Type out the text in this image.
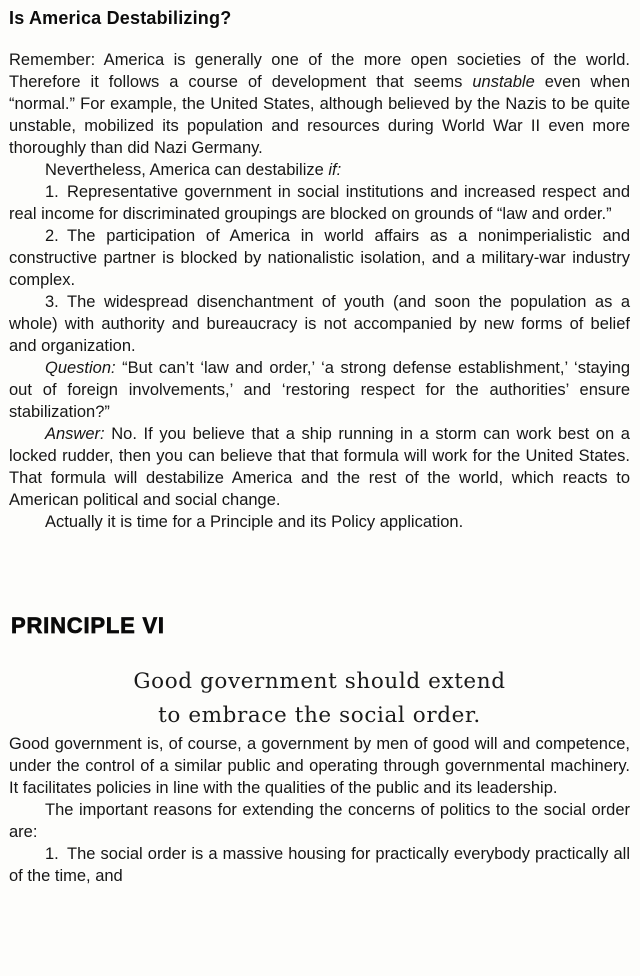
Is America Destabilizing?

Remember: America is generally one of the more open societies of the world. Therefore it follows a course of development that seems unstable even when “normal.” For example, the United States, although believed by the Nazis to be quite unstable, mobilized its population and resources during World War II even more thoroughly than did Nazi Germany.

Nevertheless, America can destabilize if:

1. Representative government in social institutions and increased respect and real income for discriminated groupings are blocked on grounds of “law and order.”

2. The participation of America in world affairs as a nonimperialistic and constructive partner is blocked by nationalistic isolation, and a military-war industry complex.

3. The widespread disenchantment of youth (and soon the population as a whole) with authority and bureaucracy is not accompanied by new forms of belief and organization.

Question: “But can’t ‘law and order,’ ‘a strong defense establishment,’ ‘staying out of foreign involvements,’ and ‘restoring respect for the authorities’ ensure stabilization?”

Answer: No. If you believe that a ship running in a storm can work best on a locked rudder, then you can believe that that formula will work for the United States. That formula will destabilize America and the rest of the world, which reacts to American political and social change.

Actually it is time for a Principle and its Policy application.

PRINCIPLE VI
Good government should extend
to embrace the social order.

Good government is, of course, a government by men of good will and competence, under the control of a similar public and operating through governmental machinery. It facilitates policies in line with the qualities of the public and its leadership.

The important reasons for extending the concerns of politics to the social order are:

1. The social order is a massive housing for practically everybody practically all of the time, and
